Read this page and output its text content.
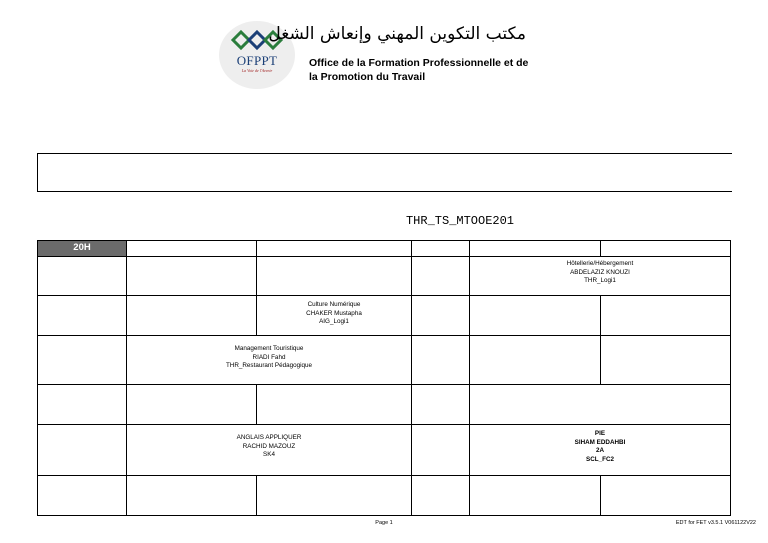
OFPPT
La Voie de l'Avenir
مكتب التكوين المهني وإنعاش الشغل
Office de la Formation Professionnelle et de
la Promotion du Travail
THR_TS_MTOOE201
20H
Hôtellerie/Hébergement
ABDELAZIZ KNOUZI
THR_Logi1
Culture Numérique
CHAKER Mustapha
AIG_Logi1
Management Touristique
RIADI Fahd
THR_Restaurant Pédagogique
ANGLAIS APPLIQUER
RACHID MAZOUZ
SK4
PIE
SIHAM EDDAHBI
2A
SCL_FC2
Page 1	EDT for FET v3.5.1 V061122V22
